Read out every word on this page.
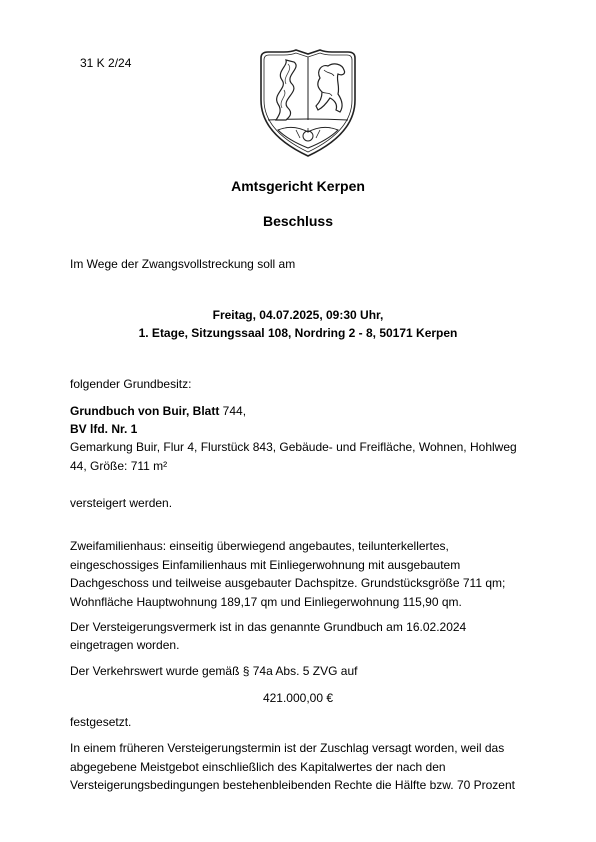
31 K 2/24
Amtsgericht Kerpen
Beschluss
Im Wege der Zwangsvollstreckung soll am
Freitag, 04.07.2025, 09:30 Uhr,
1. Etage, Sitzungssaal 108, Nordring 2 - 8, 50171 Kerpen
folgender Grundbesitz:
Grundbuch von Buir, Blatt 744,
BV lfd. Nr. 1
Gemarkung Buir, Flur 4, Flurstück 843, Gebäude- und Freifläche, Wohnen, Hohlweg
44, Größe: 711 m²
versteigert werden.
Zweifamilienhaus: einseitig überwiegend angebautes, teilunterkellertes,
eingeschossiges Einfamilienhaus mit Einliegerwohnung mit ausgebautem
Dachgeschoss und teilweise ausgebauter Dachspitze. Grundstücksgröße 711 qm;
Wohnfläche Hauptwohnung 189,17 qm und Einliegerwohnung 115,90 qm.
Der Versteigerungsvermerk ist in das genannte Grundbuch am 16.02.2024
eingetragen worden.
Der Verkehrswert wurde gemäß § 74a Abs. 5 ZVG auf
421.000,00 €
festgesetzt.
In einem früheren Versteigerungstermin ist der Zuschlag versagt worden, weil das
abgegebene Meistgebot einschließlich des Kapitalwertes der nach den
Versteigerungsbedingungen bestehenbleibenden Rechte die Hälfte bzw. 70 Prozent
